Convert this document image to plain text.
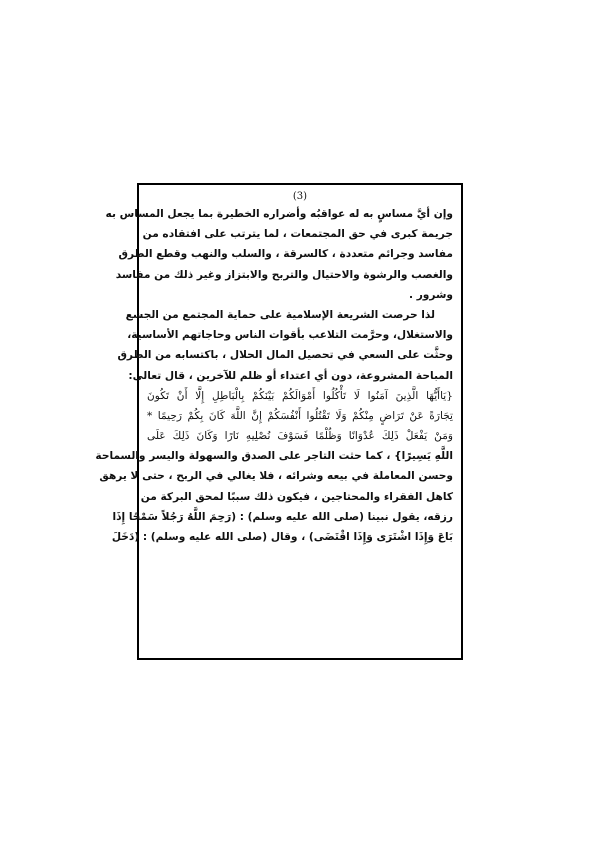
(3)
وإن أيَّ مساسٍ به له عواقبُه وأضراره الخطيرة بما يجعل المساس به
جريمة كبرى في حق المجتمعات ، لما يترتب على افتقاده من
مفاسد وجرائم متعددة ، كالسرقة ، والسلب والنهب وقطع الطرق
والغصب والرشوة والاحتيال والتربح والابتزاز وغير ذلك من مفاسد
وشرور .
لذا حرصت الشريعة الإسلامية على حماية المجتمع من الجشع
والاستغلال، وحرَّمت التلاعب بأقوات الناس وحاجاتهم الأساسية،
وحثَّت على السعي في تحصيل المال الحلال ، باكتسابه من الطرق
المباحة المشروعة، دون أي اعتداء أو ظلم للآخرين ، قال تعالى:
{يَاأَيُّهَا الَّذِينَ آمَنُوا لَا تَأْكُلُوا أَمْوَالَكُمْ بَيْنَكُمْ بِالْبَاطِلِ إِلَّا أَنْ تَكُونَ
تِجَارَةً عَنْ تَرَاضٍ مِنْكُمْ وَلَا تَقْتُلُوا أَنْفُسَكُمْ إِنَّ اللَّهَ كَانَ بِكُمْ رَحِيمًا *
وَمَنْ يَفْعَلْ ذَلِكَ عُدْوَانًا وَظُلْمًا فَسَوْفَ نُصْلِيهِ نَارًا وَكَانَ ذَلِكَ عَلَى
اللَّهِ يَسِيرًا} ، كما حثت التاجر على الصدق والسهولة واليسر والسماحة
وحسن المعاملة في بيعه وشرائه ، فلا يغالي في الربح ، حتى لا يرهق
كاهل الفقراء والمحتاجين ، فيكون ذلك سببًا لمحق البركة من
رزقه، يقول نبينا (صلى الله عليه وسلم) : (رَحِمَ اللَّهُ رَجُلاً سَمْحًا إِذَا
بَاعَ وَإِذَا اشْتَرَى وَإِذَا اقْتَضَى) ، وقال (صلى الله عليه وسلم) : (دَخَلَ
